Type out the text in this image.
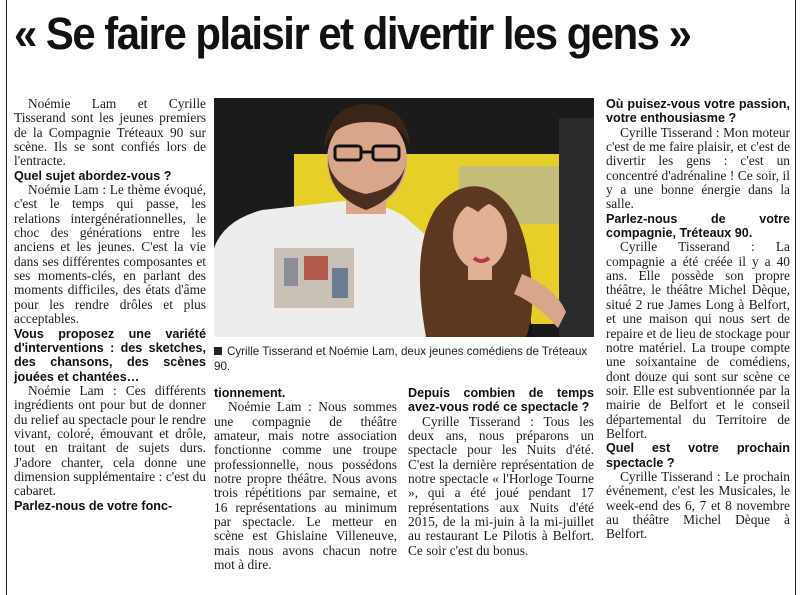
« Se faire plaisir et divertir les gens »

Noémie Lam et Cyrille Tisserand sont les jeunes premiers de la Compagnie Tréteaux 90 sur scène. Ils se sont confiés lors de l'entracte.

Quel sujet abordez-vous ?

Noémie Lam : Le thème évoqué, c'est le temps qui passe, les relations intergénérationnelles, le choc des générations entre les anciens et les jeunes. C'est la vie dans ses différentes composantes et ses moments-clés, en parlant des moments difficiles, des états d'âme pour les rendre drôles et plus acceptables.

Vous proposez une variété d'interventions : des sketches, des chansons, des scènes jouées et chantées…

Noémie Lam : Ces différents ingrédients ont pour but de donner du relief au spectacle pour le rendre vivant, coloré, émouvant et drôle, tout en traitant de sujets durs. J'adore chanter, cela donne une dimension supplémentaire : c'est du cabaret.

Parlez-nous de votre fonc-

Cyrille Tisserand et Noémie Lam, deux jeunes comédiens de Tréteaux 90.

tionnement.

Noémie Lam : Nous sommes une compagnie de théâtre amateur, mais notre association fonctionne comme une troupe professionnelle, nous possédons notre propre théâtre. Nous avons trois répétitions par semaine, et 16 représentations au minimum par spectacle. Le metteur en scène est Ghislaine Villeneuve, mais nous avons chacun notre mot à dire.

Depuis combien de temps avez-vous rodé ce spectacle ?

Cyrille Tisserand : Tous les deux ans, nous préparons un spectacle pour les Nuits d'été. C'est la dernière représentation de notre spectacle « l'Horloge Tourne », qui a été joué pendant 17 représentations aux Nuits d'été 2015, de la mi-juin à la mi-juillet au restaurant Le Pilotis à Belfort. Ce soir c'est du bonus.

Où puisez-vous votre passion, votre enthousiasme ?

Cyrille Tisserand : Mon moteur c'est de me faire plaisir, et c'est de divertir les gens : c'est un concentré d'adrénaline ! Ce soir, il y a une bonne énergie dans la salle.

Parlez-nous de votre compagnie, Tréteaux 90.

Cyrille Tisserand : La compagnie a été créée il y a 40 ans. Elle possède son propre théâtre, le théâtre Michel Dèque, situé 2 rue James Long à Belfort, et une maison qui nous sert de repaire et de lieu de stockage pour notre matériel. La troupe compte une soixantaine de comédiens, dont douze qui sont sur scène ce soir. Elle est subventionnée par la mairie de Belfort et le conseil départemental du Territoire de Belfort.

Quel est votre prochain spectacle ?

Cyrille Tisserand : Le prochain événement, c'est les Musicales, le week-end des 6, 7 et 8 novembre au théâtre Michel Dèque à Belfort.
